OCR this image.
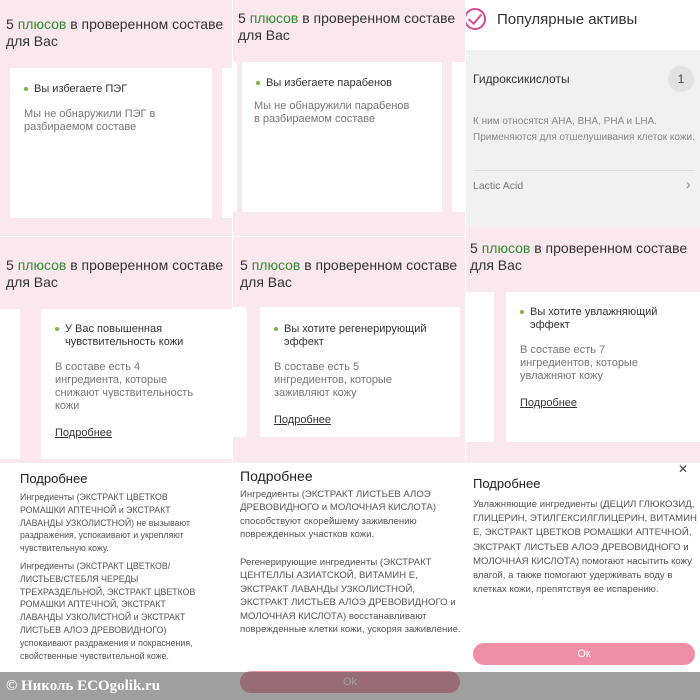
5 плюсов в проверенном составе для Вас
Вы избегаете ПЭГ
Мы не обнаружили ПЭГ в разбираемом составе
5 плюсов в проверенном составе для Вас
Вы избегаете парабенов
Мы не обнаружили парабенов в разбираемом составе
Популярные активы
Гидроксикислоты	1
К ним относятся AHA, BHA, PHA и LHA. Применяются для отшелушивания клеток кожи.
Lactic Acid	›
5 плюсов в проверенном составе для Вас
У Вас повышенная чувствительность кожи
В составе есть 4 ингредиента, которые снижают чувствительность кожи
Подробнее
5 плюсов в проверенном составе для Вас
Вы хотите регенерирующий эффект
В составе есть 5 ингредиентов, которые заживляют кожу
Подробнее
5 плюсов в проверенном составе для Вас
Вы хотите увлажняющий эффект
В составе есть 7 ингредиентов, которые увлажняют кожу
Подробнее
Подробнее
Ингредиенты (ЭКСТРАКТ ЦВЕТКОВ РОМАШКИ АПТЕЧНОЙ и ЭКСТРАКТ ЛАВАНДЫ УЗКОЛИСТНОЙ) не вызывают раздражения, успокаивают и укрепляют чувствительную кожу.
Ингредиенты (ЭКСТРАКТ ЦВЕТКОВ/ЛИСТЬЕВ/СТЕБЛЯ ЧЕРЕДЫ ТРЕХРАЗДЕЛЬНОЙ, ЭКСТРАКТ ЦВЕТКОВ РОМАШКИ АПТЕЧНОЙ, ЭКСТРАКТ ЛАВАНДЫ УЗКОЛИСТНОЙ и ЭКСТРАКТ ЛИСТЬЕВ АЛОЭ ДРЕВОВИДНОГО) успокаивают раздражения и покраснения, свойственные чувствительной коже.
Подробнее
Ингредиенты (ЭКСТРАКТ ЛИСТЬЕВ АЛОЭ ДРЕВОВИДНОГО и МОЛОЧНАЯ КИСЛОТА) способствуют скорейшему заживлению поврежденных участков кожи.
Регенерирующие ингредиенты (ЭКСТРАКТ ЦЕНТЕЛЛЫ АЗИАТСКОЙ, ВИТАМИН Е, ЭКСТРАКТ ЛАВАНДЫ УЗКОЛИСТНОЙ, ЭКСТРАКТ ЛИСТЬЕВ АЛОЭ ДРЕВОВИДНОГО и МОЛОЧНАЯ КИСЛОТА) восстанавливают поврежденные клетки кожи, ускоряя заживление.
✕
Подробнее
Увлажняющие ингредиенты (ДЕЦИЛ ГЛЮКОЗИД, ГЛИЦЕРИН, ЭТИЛГЕКСИЛГЛИЦЕРИН, ВИТАМИН Е, ЭКСТРАКТ ЦВЕТКОВ РОМАШКИ АПТЕЧНОЙ, ЭКСТРАКТ ЛИСТЬЕВ АЛОЭ ДРЕВОВИДНОГО и МОЛОЧНАЯ КИСЛОТА) помогают насытить кожу влагой, а также помогают удерживать воду в клетках кожи, препятствуя ее испарению.
Ок
© Николь ECOgolik.ru
